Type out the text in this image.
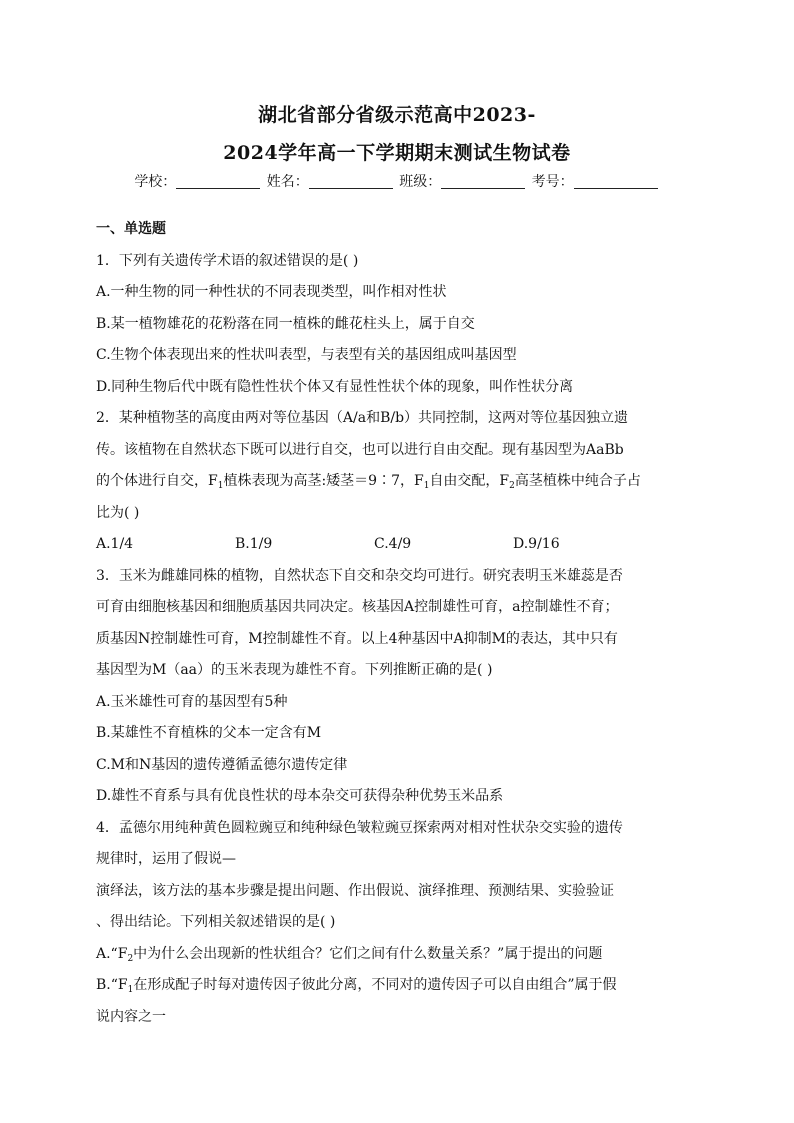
湖北省部分省级示范高中2023-
2024学年高一下学期期末测试生物试卷
学校：	姓名：	班级：	考号：

一、单选题

1．下列有关遗传学术语的叙述错误的是( )

A.一种生物的同一种性状的不同表现类型，叫作相对性状

B.某一植物雄花的花粉落在同一植株的雌花柱头上，属于自交

C.生物个体表现出来的性状叫表型，与表型有关的基因组成叫基因型

D.同种生物后代中既有隐性性状个体又有显性性状个体的现象，叫作性状分离

2．某种植物茎的高度由两对等位基因（A/a和B/b）共同控制，这两对等位基因独立遗

传。该植物在自然状态下既可以进行自交，也可以进行自由交配。现有基因型为AaBb

的个体进行自交，$F_1$植株表现为高茎:矮茎＝9∶7，$F_1$自由交配，$F_2$高茎植株中纯合子占

比为( )

A.1/4	B.1/9	C.4/9	D.9/16

3．玉米为雌雄同株的植物，自然状态下自交和杂交均可进行。研究表明玉米雄蕊是否

可育由细胞核基因和细胞质基因共同决定。核基因A控制雄性可育，a控制雄性不育；

质基因N控制雄性可育，M控制雄性不育。以上4种基因中A抑制M的表达，其中只有

基因型为M（aa）的玉米表现为雄性不育。下列推断正确的是( )

A.玉米雄性可育的基因型有5种

B.某雄性不育植株的父本一定含有M

C.M和N基因的遗传遵循孟德尔遗传定律

D.雄性不育系与具有优良性状的母本杂交可获得杂种优势玉米品系

4．孟德尔用纯种黄色圆粒豌豆和纯种绿色皱粒豌豆探索两对相对性状杂交实验的遗传

规律时，运用了假说—

演绎法，该方法的基本步骤是提出问题、作出假说、演绎推理、预测结果、实验验证

、得出结论。下列相关叙述错误的是( )

$A.“F_2$中为什么会出现新的性状组合？它们之间有什么数量关系？”属于提出的问题

$B.“F_1$在形成配子时每对遗传因子彼此分离，不同对的遗传因子可以自由组合”属于假

说内容之一
